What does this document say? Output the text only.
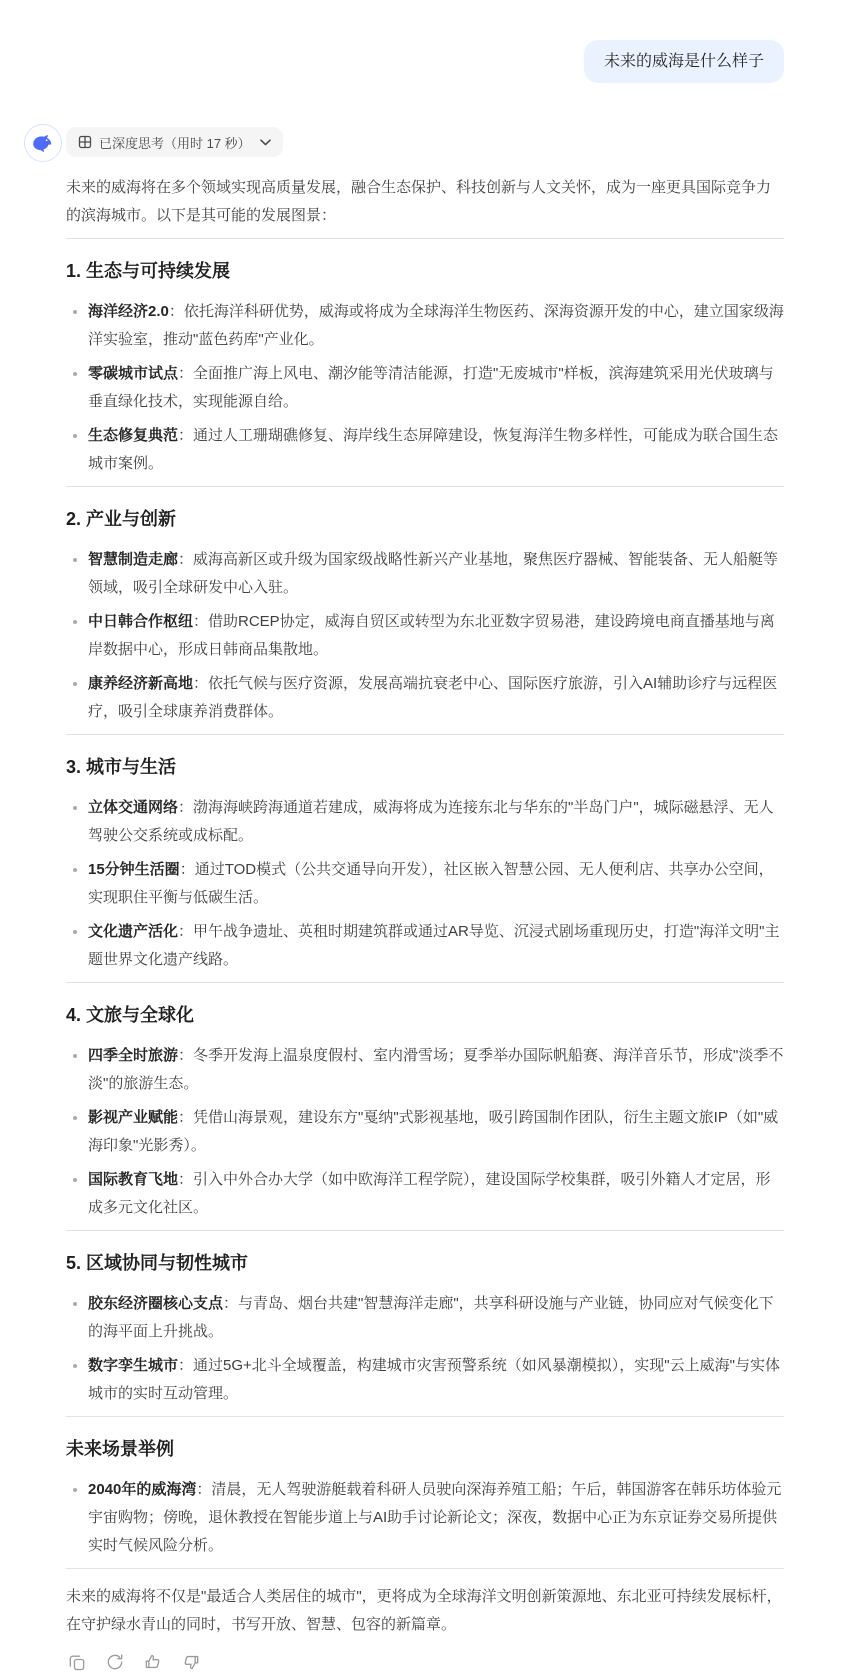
未来的威海是什么样子
已深度思考（用时 17 秒）

未来的威海将在多个领域实现高质量发展，融合生态保护、科技创新与人文关怀，成为一座更具国际竞争力的滨海城市。以下是其可能的发展图景：

1. 生态与可持续发展
海洋经济2.0：依托海洋科研优势，威海或将成为全球海洋生物医药、深海资源开发的中心，建立国家级海洋实验室，推动"蓝色药库"产业化。
零碳城市试点：全面推广海上风电、潮汐能等清洁能源，打造"无废城市"样板，滨海建筑采用光伏玻璃与垂直绿化技术，实现能源自给。
生态修复典范：通过人工珊瑚礁修复、海岸线生态屏障建设，恢复海洋生物多样性，可能成为联合国生态城市案例。
2. 产业与创新
智慧制造走廊：威海高新区或升级为国家级战略性新兴产业基地，聚焦医疗器械、智能装备、无人船艇等领域，吸引全球研发中心入驻。
中日韩合作枢纽：借助RCEP协定，威海自贸区或转型为东北亚数字贸易港，建设跨境电商直播基地与离岸数据中心，形成日韩商品集散地。
康养经济新高地：依托气候与医疗资源，发展高端抗衰老中心、国际医疗旅游，引入AI辅助诊疗与远程医疗，吸引全球康养消费群体。
3. 城市与生活
立体交通网络：渤海海峡跨海通道若建成，威海将成为连接东北与华东的"半岛门户"，城际磁悬浮、无人驾驶公交系统或成标配。
15分钟生活圈：通过TOD模式（公共交通导向开发），社区嵌入智慧公园、无人便利店、共享办公空间，实现职住平衡与低碳生活。
文化遗产活化：甲午战争遗址、英租时期建筑群或通过AR导览、沉浸式剧场重现历史，打造"海洋文明"主题世界文化遗产线路。
4. 文旅与全球化
四季全时旅游：冬季开发海上温泉度假村、室内滑雪场；夏季举办国际帆船赛、海洋音乐节，形成"淡季不淡"的旅游生态。
影视产业赋能：凭借山海景观，建设东方"戛纳"式影视基地，吸引跨国制作团队，衍生主题文旅IP（如"威海印象"光影秀）。
国际教育飞地：引入中外合办大学（如中欧海洋工程学院），建设国际学校集群，吸引外籍人才定居，形成多元文化社区。
5. 区域协同与韧性城市
胶东经济圈核心支点：与青岛、烟台共建"智慧海洋走廊"，共享科研设施与产业链，协同应对气候变化下的海平面上升挑战。
数字孪生城市：通过5G+北斗全域覆盖，构建城市灾害预警系统（如风暴潮模拟），实现"云上威海"与实体城市的实时互动管理。
未来场景举例
2040年的威海湾：清晨，无人驾驶游艇载着科研人员驶向深海养殖工船；午后，韩国游客在韩乐坊体验元宇宙购物；傍晚，退休教授在智能步道上与AI助手讨论新论文；深夜，数据中心正为东京证券交易所提供实时气候风险分析。

未来的威海将不仅是"最适合人类居住的城市"，更将成为全球海洋文明创新策源地、东北亚可持续发展标杆，在守护绿水青山的同时，书写开放、智慧、包容的新篇章。
